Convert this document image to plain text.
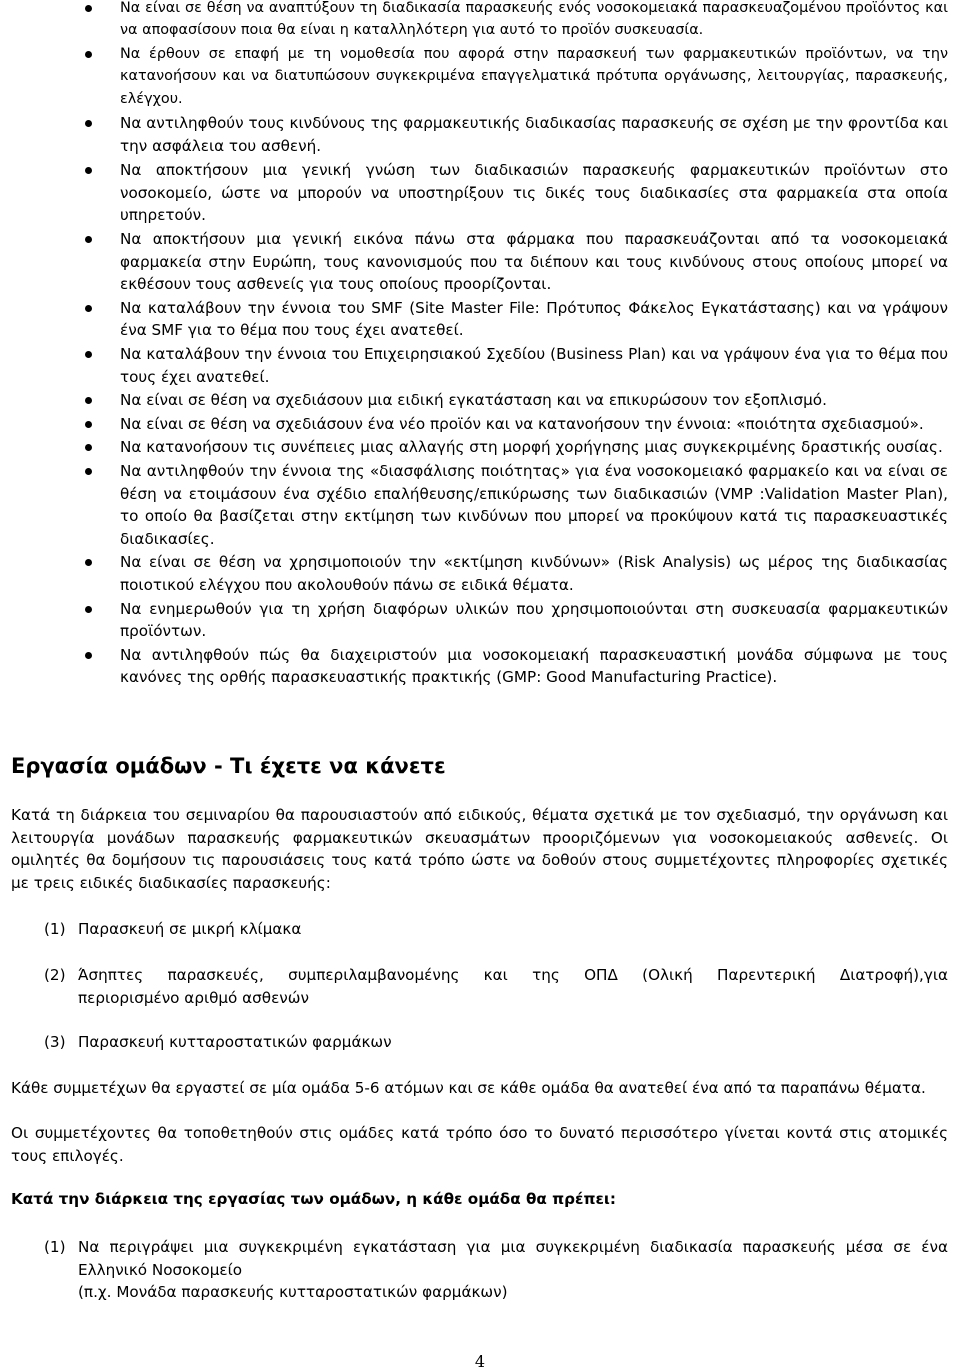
Να είναι σε θέση να αναπτύξουν τη διαδικασία παρασκευής ενός νοσοκομειακά παρασκευαζομένου προϊόντος και να αποφασίσουν ποια θα είναι η καταλληλότερη για αυτό το προϊόν συσκευασία.
Να έρθουν σε επαφή με τη νομοθεσία που αφορά στην παρασκευή των φαρμακευτικών προϊόντων, να την κατανοήσουν και να διατυπώσουν συγκεκριμένα επαγγελματικά πρότυπα οργάνωσης, λειτουργίας, παρασκευής, ελέγχου.
Να αντιληφθούν τους κινδύνους της φαρμακευτικής διαδικασίας παρασκευής σε σχέση με την φροντίδα και την ασφάλεια του ασθενή.
Να αποκτήσουν μια γενική γνώση των διαδικασιών παρασκευής φαρμακευτικών προϊόντων στο νοσοκομείο, ώστε να μπορούν να υποστηρίξουν τις δικές τους διαδικασίες στα φαρμακεία στα οποία υπηρετούν.
Να αποκτήσουν μια γενική εικόνα πάνω στα φάρμακα που παρασκευάζονται από τα νοσοκομειακά φαρμακεία στην Ευρώπη, τους κανονισμούς που τα διέπουν και τους κινδύνους στους οποίους μπορεί να εκθέσουν τους ασθενείς για τους οποίους προορίζονται.
Να καταλάβουν την έννοια του SMF (Site Master File: Πρότυπος Φάκελος Εγκατάστασης) και να γράψουν ένα SMF για το θέμα που τους έχει ανατεθεί.
Να καταλάβουν την έννοια του Επιχειρησιακού Σχεδίου (Business Plan) και να γράψουν ένα για το θέμα που τους έχει ανατεθεί.
Να είναι σε θέση να σχεδιάσουν μια ειδική εγκατάσταση και να επικυρώσουν τον εξοπλισμό.
Να είναι σε θέση να σχεδιάσουν ένα νέο προϊόν και να κατανοήσουν την έννοια: «ποιότητα σχεδιασμού».
Να κατανοήσουν τις συνέπειες μιας αλλαγής στη μορφή χορήγησης μιας συγκεκριμένης δραστικής ουσίας.
Να αντιληφθούν την έννοια της «διασφάλισης ποιότητας» για ένα νοσοκομειακό φαρμακείο και να είναι σε θέση να ετοιμάσουν ένα σχέδιο επαλήθευσης/επικύρωσης των διαδικασιών (VMP :Validation Master Plan), το οποίο θα βασίζεται στην εκτίμηση των κινδύνων που μπορεί να προκύψουν κατά τις παρασκευαστικές διαδικασίες.
Να είναι σε θέση να χρησιμοποιούν την «εκτίμηση κινδύνων» (Risk Analysis) ως μέρος της διαδικασίας ποιοτικού ελέγχου που ακολουθούν πάνω σε ειδικά θέματα.
Να ενημερωθούν για τη χρήση διαφόρων υλικών που χρησιμοποιούνται στη συσκευασία φαρμακευτικών προϊόντων.
Να αντιληφθούν πώς θα διαχειριστούν μια νοσοκομειακή παρασκευαστική μονάδα σύμφωνα με τους κανόνες της ορθής παρασκευαστικής πρακτικής (GMP: Good Manufacturing Practice).
Εργασία ομάδων - Τι έχετε να κάνετε

Κατά τη διάρκεια του σεμιναρίου θα παρουσιαστούν από ειδικούς, θέματα σχετικά με τον σχεδιασμό, την οργάνωση και λειτουργία μονάδων παρασκευής φαρμακευτικών σκευασμάτων προοριζόμενων για νοσοκομειακούς ασθενείς. Οι ομιλητές θα δομήσουν τις παρουσιάσεις τους κατά τρόπο ώστε να δοθούν στους συμμετέχοντες πληροφορίες σχετικές με τρεις ειδικές διαδικασίες παρασκευής:

(1) Παρασκευή σε μικρή κλίμακα
(2) Άσηπτες παρασκευές, συμπεριλαμβανομένης και της ΟΠΔ (Ολική Παρεντερική Διατροφή),για
περιορισμένο αριθμό ασθενών
(3) Παρασκευή κυτταροστατικών φαρμάκων

Κάθε συμμετέχων θα εργαστεί σε μία ομάδα 5-6 ατόμων και σε κάθε ομάδα θα ανατεθεί ένα από τα παραπάνω θέματα.

Οι συμμετέχοντες θα τοποθετηθούν στις ομάδες κατά τρόπο όσο το δυνατό περισσότερο γίνεται κοντά στις ατομικές τους επιλογές.

Κατά την διάρκεια της εργασίας των ομάδων, η κάθε ομάδα θα πρέπει:

(1) Να περιγράψει μια συγκεκριμένη εγκατάσταση για μια συγκεκριμένη διαδικασία παρασκευής μέσα σε ένα
Ελληνικό Νοσοκομείο
(π.χ. Μονάδα παρασκευής κυτταροστατικών φαρμάκων)

4
